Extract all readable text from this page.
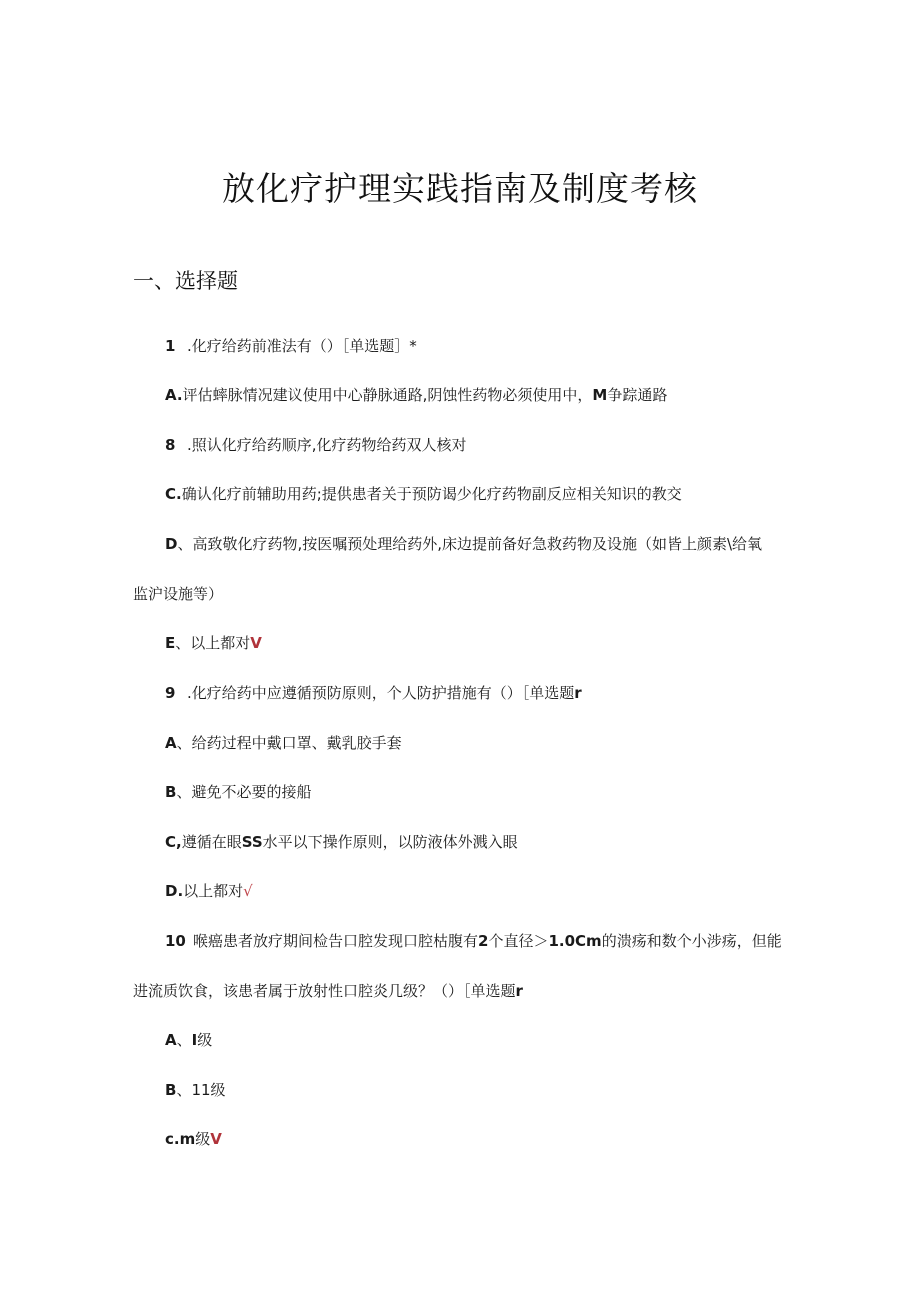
放化疗护理实践指南及制度考核
一、选择题
1 .化疗给药前准法有（）［单选题］*
A.评估蟀脉情况建议使用中心静脉通路,阴蚀性药物必须使用中，M争踪通路
8 .照认化疗给药顺序,化疗药物给药双人核对
C.确认化疗前辅助用药;提供患者关于预防谒少化疗药物副反应相关知识的教交
D、高致敬化疗药物,按医嘱预处理给药外,床边提前备好急救药物及设施（如皆上颜素\给氧
监沪设施等）
E、以上都对V
9 .化疗给药中应遵循预防原则，个人防护措施有（）［单选题r
A、给药过程中戴口罩、戴乳胶手套
B、避免不必要的接船
C,遵循在眼SS水平以下操作原则，以防液体外溅入眼
D.以上都对√
10 喉癌患者放疗期间检告口腔发现口腔枯腹有2个直径＞1.0Cm的溃疡和数个小涉疡，但能
进流质饮食，该患者属于放射性口腔炎几级？（）［单选题r
A、I级
B、11级
c.m级V
